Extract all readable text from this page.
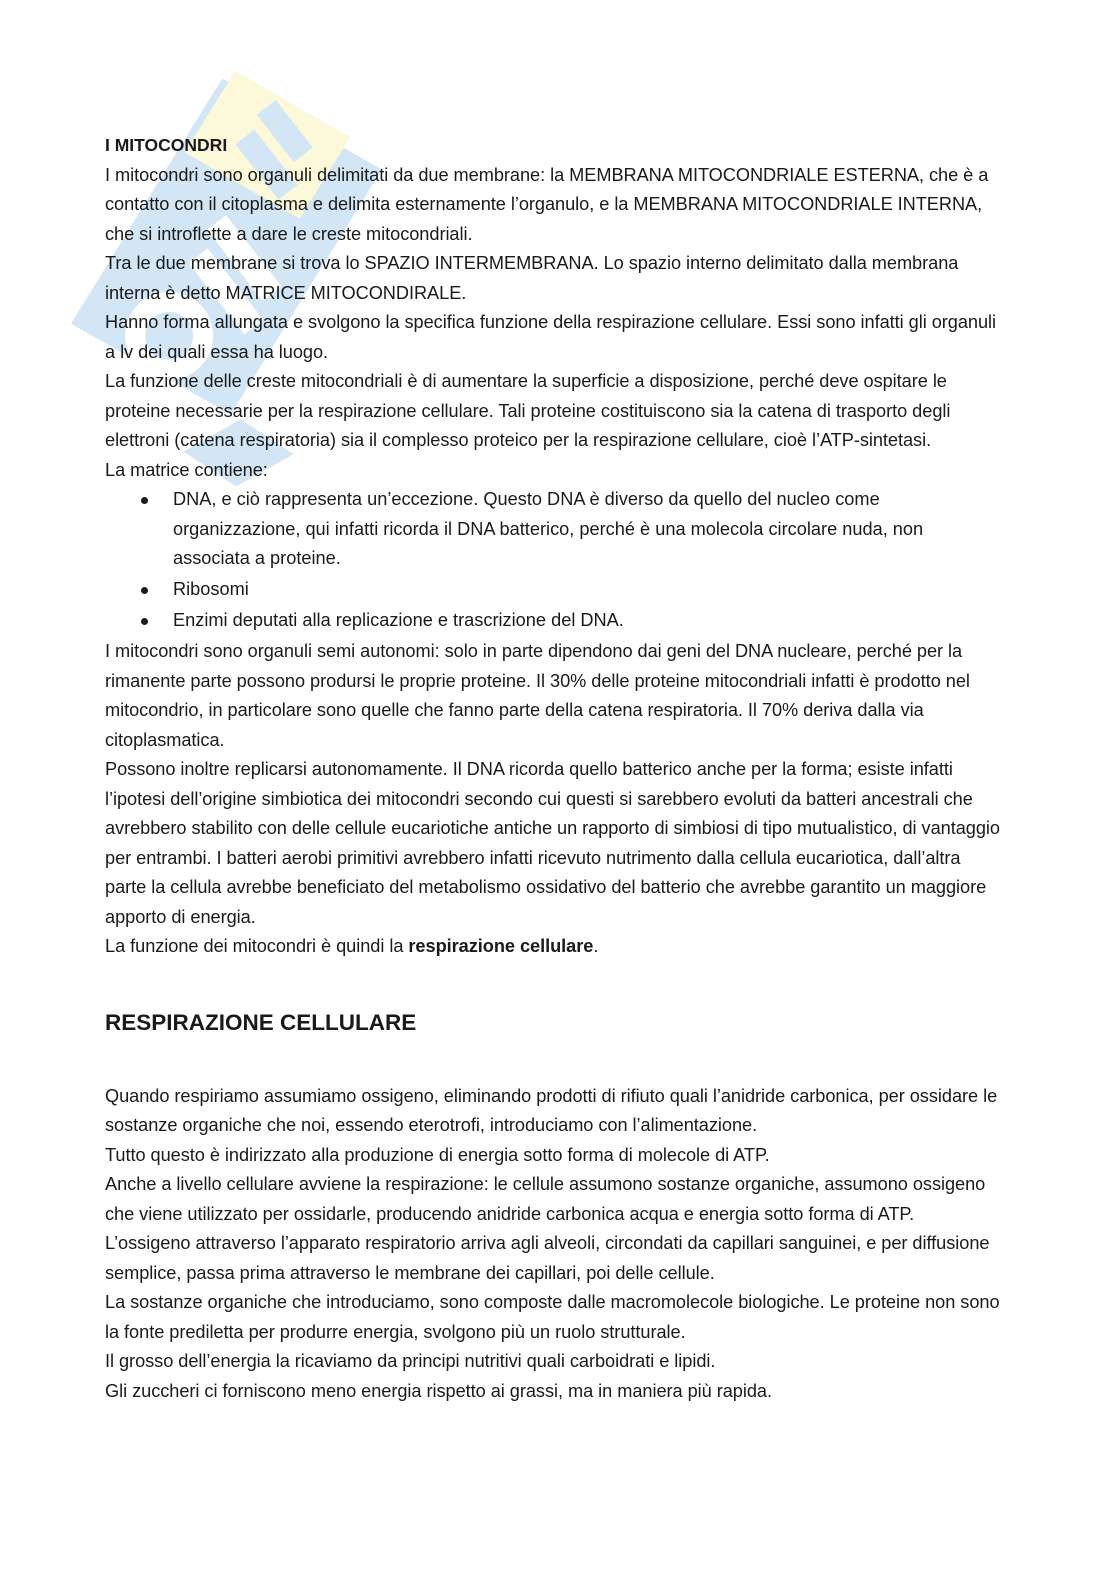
I MITOCONDRI

I mitocondri sono organuli delimitati da due membrane: la MEMBRANA MITOCONDRIALE ESTERNA, che è a contatto con il citoplasma e delimita esternamente l’organulo, e la MEMBRANA MITOCONDRIALE INTERNA, che si introflette a dare le creste mitocondriali.

Tra le due membrane si trova lo SPAZIO INTERMEMBRANA. Lo spazio interno delimitato dalla membrana interna è detto MATRICE MITOCONDIRALE.

Hanno forma allungata e svolgono la specifica funzione della respirazione cellulare. Essi sono infatti gli organuli a lv dei quali essa ha luogo.

La funzione delle creste mitocondriali è di aumentare la superficie a disposizione, perché deve ospitare le proteine necessarie per la respirazione cellulare. Tali proteine costituiscono sia la catena di trasporto degli elettroni (catena respiratoria) sia il complesso proteico per la respirazione cellulare, cioè l’ATP-sintetasi.

La matrice contiene:

DNA, e ciò rappresenta un’eccezione. Questo DNA è diverso da quello del nucleo come organizzazione, qui infatti ricorda il DNA batterico, perché è una molecola circolare nuda, non associata a proteine.
Ribosomi
Enzimi deputati alla replicazione e trascrizione del DNA.

I mitocondri sono organuli semi autonomi: solo in parte dipendono dai geni del DNA nucleare, perché per la rimanente parte possono prodursi le proprie proteine. Il 30% delle proteine mitocondriali infatti è prodotto nel mitocondrio, in particolare sono quelle che fanno parte della catena respiratoria. Il 70% deriva dalla via citoplasmatica.

Possono inoltre replicarsi autonomamente. Il DNA ricorda quello batterico anche per la forma; esiste infatti l’ipotesi dell’origine simbiotica dei mitocondri secondo cui questi si sarebbero evoluti da batteri ancestrali che avrebbero stabilito con delle cellule eucariotiche antiche un rapporto di simbiosi di tipo mutualistico, di vantaggio per entrambi. I batteri aerobi primitivi avrebbero infatti ricevuto nutrimento dalla cellula eucariotica, dall’altra parte la cellula avrebbe beneficiato del metabolismo ossidativo del batterio che avrebbe garantito un maggiore apporto di energia.

La funzione dei mitocondri è quindi la respirazione cellulare.

RESPIRAZIONE CELLULARE

Quando respiriamo assumiamo ossigeno, eliminando prodotti di rifiuto quali l’anidride carbonica, per ossidare le sostanze organiche che noi, essendo eterotrofi, introduciamo con l’alimentazione.

Tutto questo è indirizzato alla produzione di energia sotto forma di molecole di ATP.

Anche a livello cellulare avviene la respirazione: le cellule assumono sostanze organiche, assumono ossigeno che viene utilizzato per ossidarle, producendo anidride carbonica acqua e energia sotto forma di ATP.

L’ossigeno attraverso l’apparato respiratorio arriva agli alveoli, circondati da capillari sanguinei, e per diffusione semplice, passa prima attraverso le membrane dei capillari, poi delle cellule.

La sostanze organiche che introduciamo, sono composte dalle macromolecole biologiche. Le proteine non sono la fonte prediletta per produrre energia, svolgono più un ruolo strutturale.

Il grosso dell’energia la ricaviamo da principi nutritivi quali carboidrati e lipidi.

Gli zuccheri ci forniscono meno energia rispetto ai grassi, ma in maniera più rapida.
